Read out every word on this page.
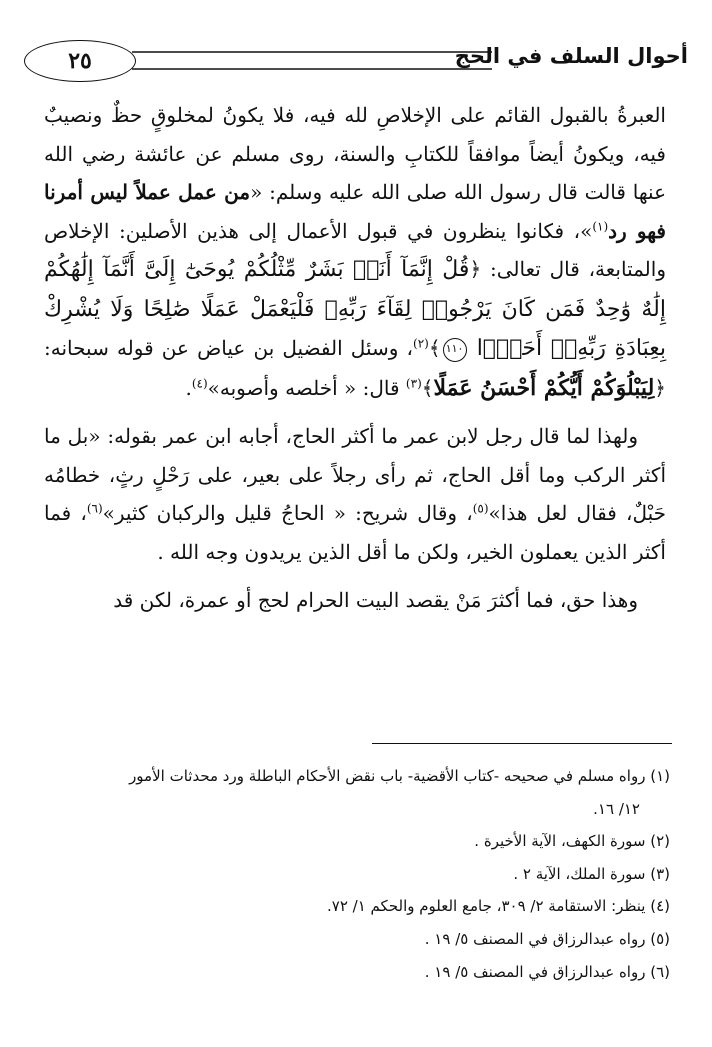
٢٥	أحوال السلف في الحج

العبرةُ بالقبول القائم على الإخلاصِ لله فيه، فلا يكونُ لمخلوقٍ حظٌ ونصيبٌ فيه، ويكونُ أيضاً موافقاً للكتابِ والسنة، روى مسلم عن عائشة رضي الله عنها قالت قال رسول الله صلى الله عليه وسلم: «من عمل عملاً ليس أمرنا فهو رد$^{(١)}$»، فكانوا ينظرون في قبول الأعمال إلى هذين الأصلين: الإخلاص والمتابعة، قال تعالى: ﴿قُلْ إِنَّمَآ أَنَا۠ بَشَرٌ مِّثْلُكُمْ يُوحَىٰٓ إِلَىَّ أَنَّمَآ إِلَٰهُكُمْ إِلَٰهٌ وَٰحِدٌ فَمَن كَانَ يَرْجُوا۟ لِقَآءَ رَبِّهِۦ فَلْيَعْمَلْ عَمَلًا صَٰلِحًا وَلَا يُشْرِكْ بِعِبَادَةِ رَبِّهِۦٓ أَحَدًۢا
١١٠
﴾$^{(٢)}$، وسئل الفضيل بن عياض عن قوله سبحانه: ﴿لِيَبْلُوَكُمْ أَيُّكُمْ أَحْسَنُ عَمَلًا﴾$^{(٣)}$ قال: « أخلصه وأصوبه»$^{(٤)}$.

ولهذا لما قال رجل لابن عمر ما أكثر الحاج، أجابه ابن عمر بقوله: «بل ما أكثر الركب وما أقل الحاج، ثم رأى رجلاً على بعير، على رَحْلٍ رثٍ، خطامُه حَبْلٌ، فقال لعل هذا»$^{(٥)}$، وقال شريح: « الحاجُ قليل والركبان كثير»$^{(٦)}$، فما أكثر الذين يعملون الخير، ولكن ما أقل الذين يريدون وجه الله .

وهذا حق، فما أكثرَ مَنْ يقصد البيت الحرام لحج أو عمرة، لكن قد

(١) رواه مسلم في صحيحه -كتاب الأقضية- باب نقض الأحكام الباطلة ورد محدثات الأمور

١٢/ ١٦.

(٢) سورة الكهف، الآية الأخيرة .

(٣) سورة الملك، الآية ٢ .

(٤) ينظر: الاستقامة ٢/ ٣٠٩، جامع العلوم والحكم ١/ ٧٢.

(٥) رواه عبدالرزاق في المصنف ٥/ ١٩ .

(٦) رواه عبدالرزاق في المصنف ٥/ ١٩ .
